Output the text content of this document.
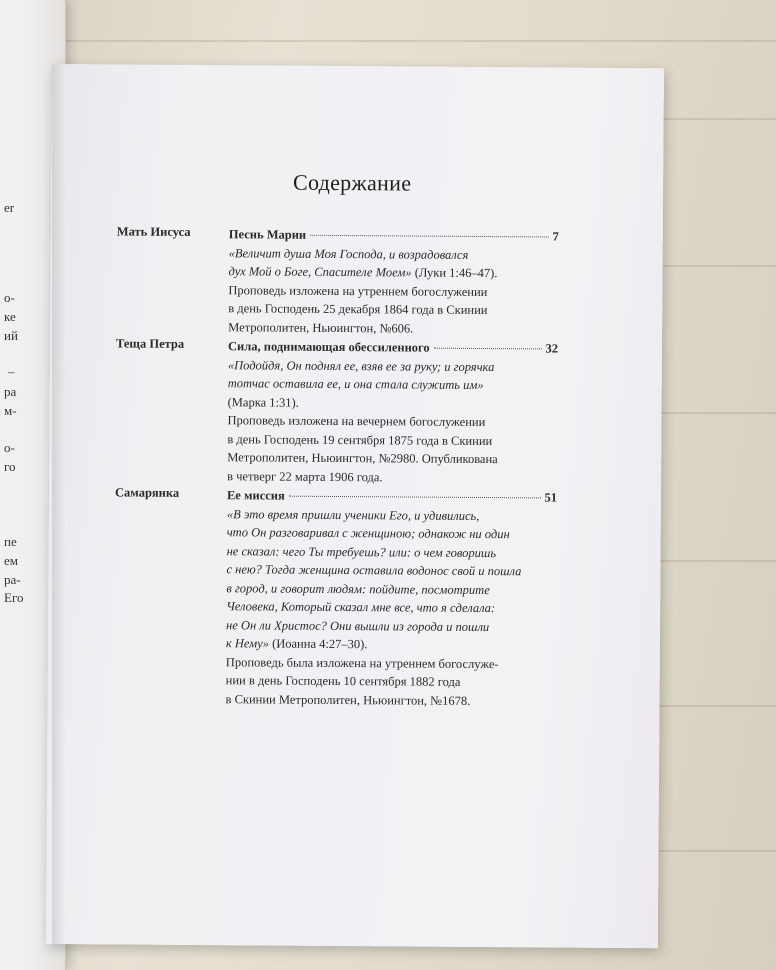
er
о-
ке
ий
–
ра
м-
о-
го
пе
ем
ра-
Его
Содержание
Мать Иисуса	Песнь Марии	7
«Величит душа Моя Господа, и возрадовался
дух Мой о Боге, Спасителе Моем» (Луки 1:46–47).
Проповедь изложена на утреннем богослужении
в день Господень 25 декабря 1864 года в Скинии
Метрополитен, Ньюингтон, №606.
Теща Петра	Сила, поднимающая обессиленного	32
«Подойдя, Он поднял ее, взяв ее за руку; и горячка
тотчас оставила ее, и она стала служить им»
(Марка 1:31).
Проповедь изложена на вечернем богослужении
в день Господень 19 сентября 1875 года в Скинии
Метрополитен, Ньюингтон, №2980. Опубликована
в четверг 22 марта 1906 года.
Самарянка	Ее миссия	51
«В это время пришли ученики Его, и удивились,
что Он разговаривал с женщиною; однакож ни один
не сказал: чего Ты требуешь? или: о чем говоришь
с нею? Тогда женщина оставила водонос свой и пошла
в город, и говорит людям: пойдите, посмотрите
Человека, Который сказал мне все, что я сделала:
не Он ли Христос? Они вышли из города и пошли
к Нему» (Иоанна 4:27–30).
Проповедь была изложена на утреннем богослуже-
нии в день Господень 10 сентября 1882 года
в Скинии Метрополитен, Ньюингтон, №1678.
